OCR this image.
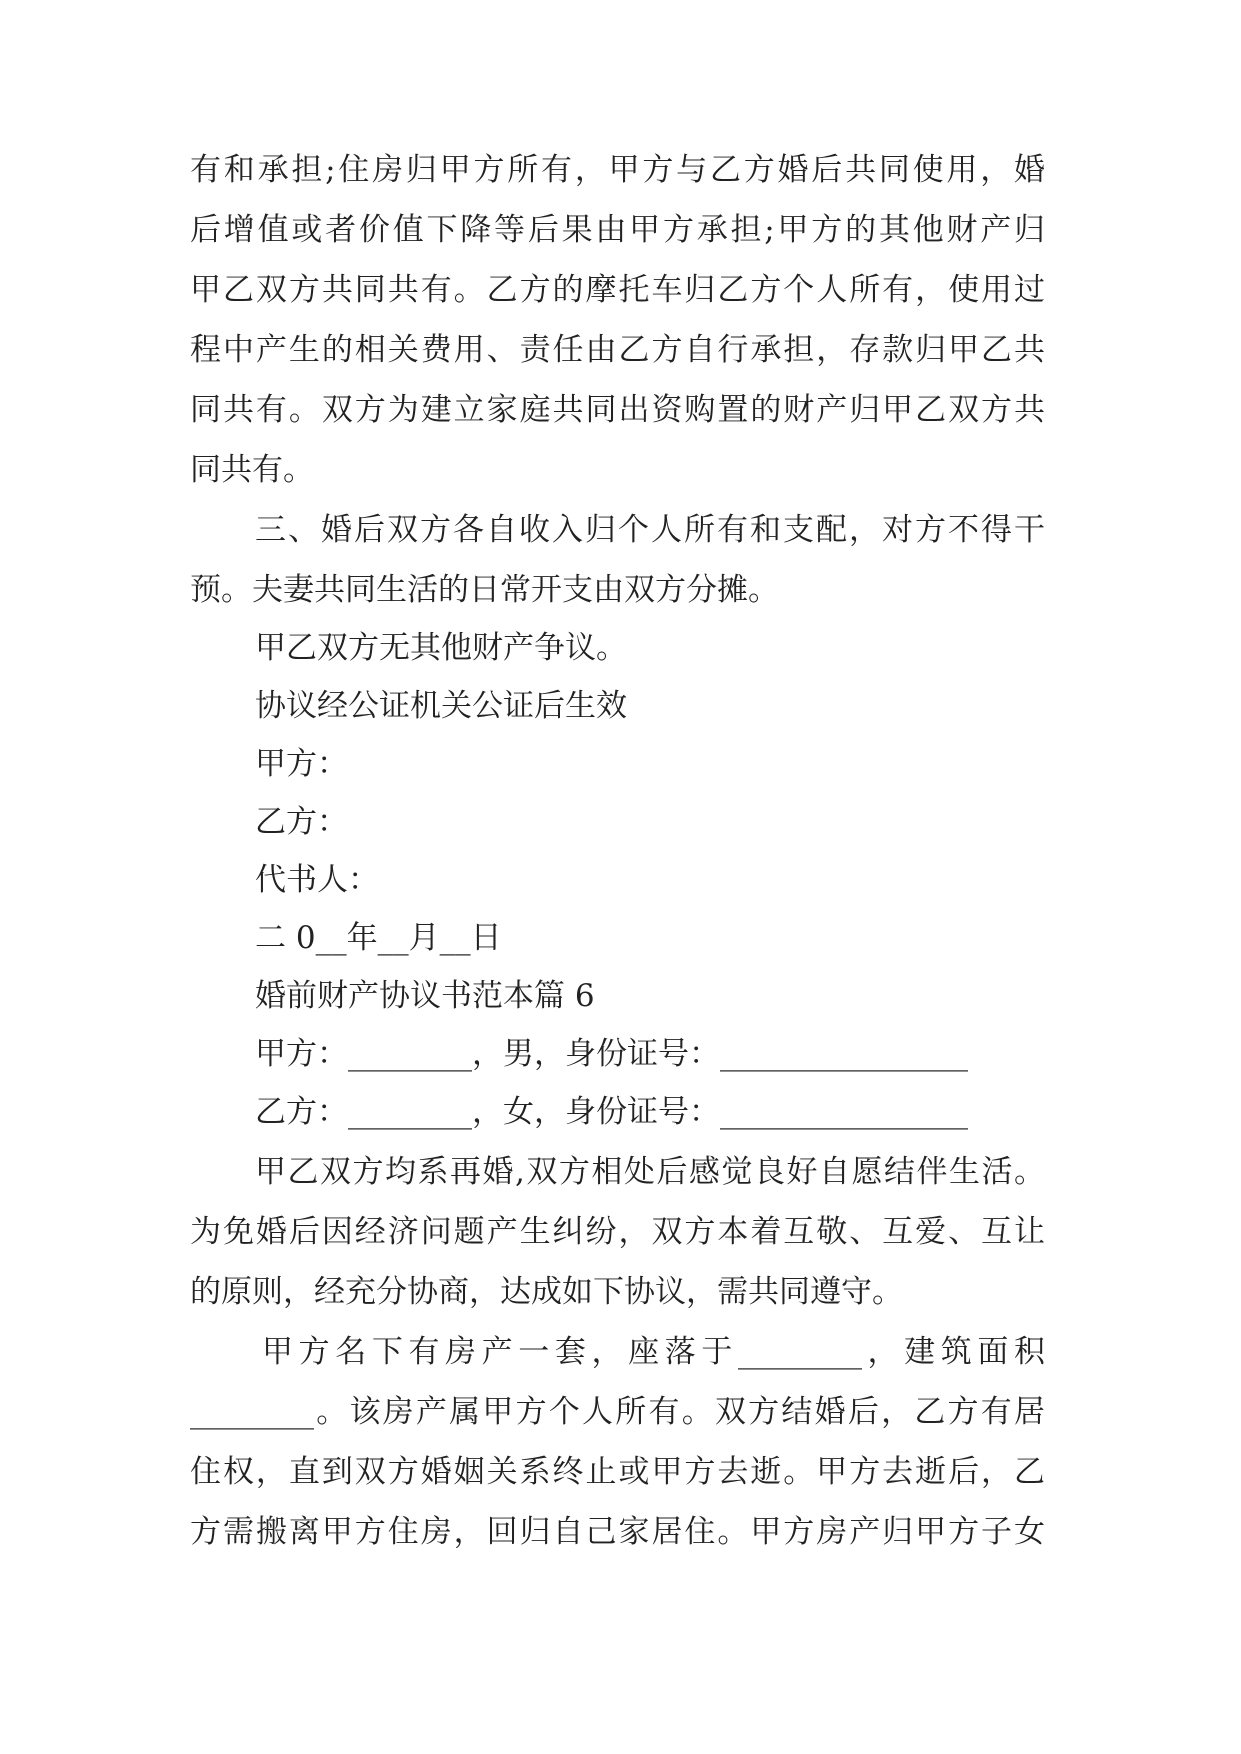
有和承担;住房归甲方所有，甲方与乙方婚后共同使用，婚

后增值或者价值下降等后果由甲方承担;甲方的其他财产归

甲乙双方共同共有。乙方的摩托车归乙方个人所有，使用过

程中产生的相关费用、责任由乙方自行承担，存款归甲乙共

同共有。双方为建立家庭共同出资购置的财产归甲乙双方共

同共有。

三、婚后双方各自收入归个人所有和支配，对方不得干

预。夫妻共同生活的日常开支由双方分摊。

甲乙双方无其他财产争议。

协议经公证机关公证后生效

甲方：

乙方：

代书人：

二 0__年__月__日

婚前财产协议书范本篇 6

甲方：________，男，身份证号：________________

乙方：________，女，身份证号：________________

甲乙双方均系再婚,双方相处后感觉良好自愿结伴生活。

为免婚后因经济问题产生纠纷，双方本着互敬、互爱、互让

的原则，经充分协商，达成如下协议，需共同遵守。

甲方名下有房产一套，座落于________，建筑面积

________。该房产属甲方个人所有。双方结婚后，乙方有居

住权，直到双方婚姻关系终止或甲方去逝。甲方去逝后，乙

方需搬离甲方住房，回归自己家居住。甲方房产归甲方子女
